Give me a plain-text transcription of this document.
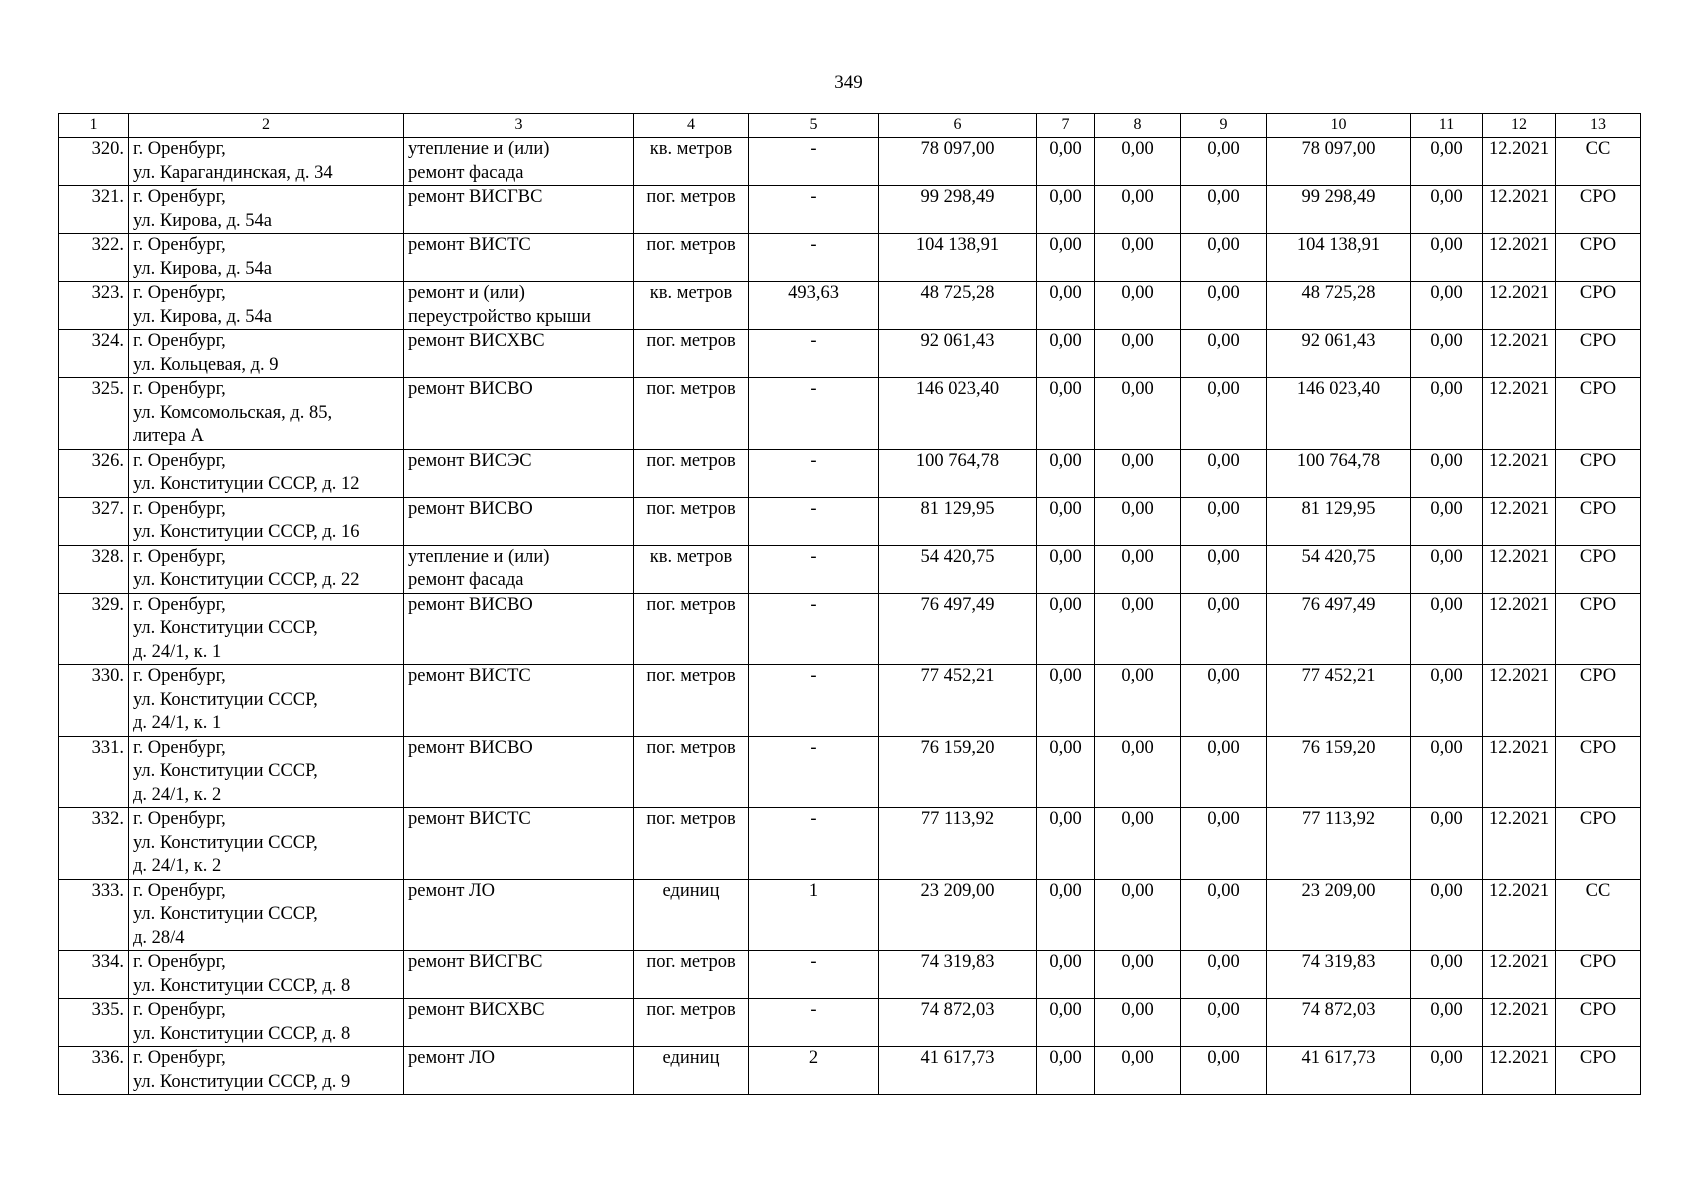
349
1	2	3	4	5	6	7	8	9	10	11	12	13
320.	г. Оренбург,
ул. Карагандинская, д. 34	утепление и (или)
ремонт фасада	кв. метров	-	78 097,00	0,00	0,00	0,00	78 097,00	0,00	12.2021	СС
321.	г. Оренбург,
ул. Кирова, д. 54а	ремонт ВИСГВС	пог. метров	-	99 298,49	0,00	0,00	0,00	99 298,49	0,00	12.2021	СРО
322.	г. Оренбург,
ул. Кирова, д. 54а	ремонт ВИСТС	пог. метров	-	104 138,91	0,00	0,00	0,00	104 138,91	0,00	12.2021	СРО
323.	г. Оренбург,
ул. Кирова, д. 54а	ремонт и (или)
переустройство крыши	кв. метров	493,63	48 725,28	0,00	0,00	0,00	48 725,28	0,00	12.2021	СРО
324.	г. Оренбург,
ул. Кольцевая, д. 9	ремонт ВИСХВС	пог. метров	-	92 061,43	0,00	0,00	0,00	92 061,43	0,00	12.2021	СРО
325.	г. Оренбург,
ул. Комсомольская, д. 85,
литера А	ремонт ВИСВО	пог. метров	-	146 023,40	0,00	0,00	0,00	146 023,40	0,00	12.2021	СРО
326.	г. Оренбург,
ул. Конституции СССР, д. 12	ремонт ВИСЭС	пог. метров	-	100 764,78	0,00	0,00	0,00	100 764,78	0,00	12.2021	СРО
327.	г. Оренбург,
ул. Конституции СССР, д. 16	ремонт ВИСВО	пог. метров	-	81 129,95	0,00	0,00	0,00	81 129,95	0,00	12.2021	СРО
328.	г. Оренбург,
ул. Конституции СССР, д. 22	утепление и (или)
ремонт фасада	кв. метров	-	54 420,75	0,00	0,00	0,00	54 420,75	0,00	12.2021	СРО
329.	г. Оренбург,
ул. Конституции СССР,
д. 24/1, к. 1	ремонт ВИСВО	пог. метров	-	76 497,49	0,00	0,00	0,00	76 497,49	0,00	12.2021	СРО
330.	г. Оренбург,
ул. Конституции СССР,
д. 24/1, к. 1	ремонт ВИСТС	пог. метров	-	77 452,21	0,00	0,00	0,00	77 452,21	0,00	12.2021	СРО
331.	г. Оренбург,
ул. Конституции СССР,
д. 24/1, к. 2	ремонт ВИСВО	пог. метров	-	76 159,20	0,00	0,00	0,00	76 159,20	0,00	12.2021	СРО
332.	г. Оренбург,
ул. Конституции СССР,
д. 24/1, к. 2	ремонт ВИСТС	пог. метров	-	77 113,92	0,00	0,00	0,00	77 113,92	0,00	12.2021	СРО
333.	г. Оренбург,
ул. Конституции СССР,
д. 28/4	ремонт ЛО	единиц	1	23 209,00	0,00	0,00	0,00	23 209,00	0,00	12.2021	СС
334.	г. Оренбург,
ул. Конституции СССР, д. 8	ремонт ВИСГВС	пог. метров	-	74 319,83	0,00	0,00	0,00	74 319,83	0,00	12.2021	СРО
335.	г. Оренбург,
ул. Конституции СССР, д. 8	ремонт ВИСХВС	пог. метров	-	74 872,03	0,00	0,00	0,00	74 872,03	0,00	12.2021	СРО
336.	г. Оренбург,
ул. Конституции СССР, д. 9	ремонт ЛО	единиц	2	41 617,73	0,00	0,00	0,00	41 617,73	0,00	12.2021	СРО
